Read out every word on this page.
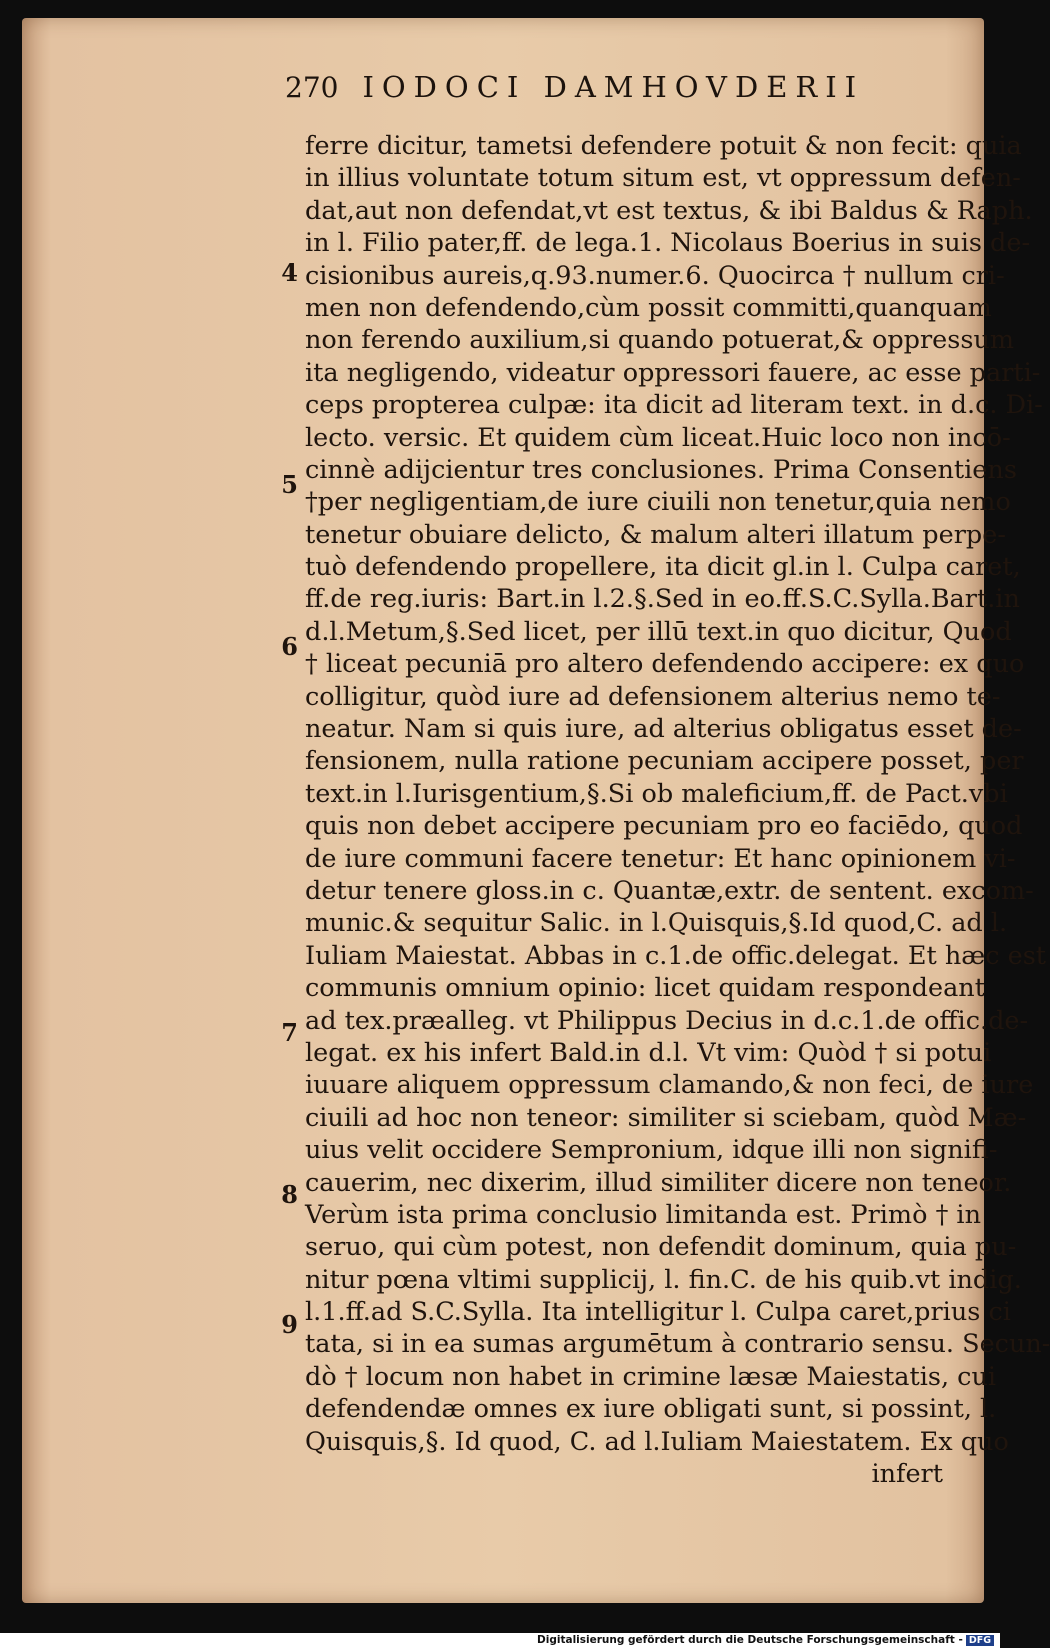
270 IODOCI DAMHOVDERII
4
5
6
7
8
9
ferre dicitur, tametsi defendere potuit & non fecit: quia
in illius voluntate totum situm est, vt oppressum defen-
dat,aut non defendat,vt est textus, & ibi Baldus & Raph.
in l. Filio pater,ff. de lega.1. Nicolaus Boerius in suis de-
cisionibus aureis,q.93.numer.6. Quocirca † nullum cri-
men non defendendo,cùm possit committi,quanquam
non ferendo auxilium,si quando potuerat,& oppressum
ita negligendo, videatur oppressori fauere, ac esse parti-
ceps propterea culpæ: ita dicit ad literam text. in d.c. Di-
lecto. versic. Et quidem cùm liceat.Huic loco non incō-
cinnè adijcientur tres conclusiones. Prima Consentiens
†per negligentiam,de iure ciuili non tenetur,quia nemo
tenetur obuiare delicto, & malum alteri illatum perpe-
tuò defendendo propellere, ita dicit gl.in l. Culpa caret,
ff.de reg.iuris: Bart.in l.2.§.Sed in eo.ff.S.C.Sylla.Bart.in
d.l.Metum,§.Sed licet, per illū text.in quo dicitur, Quod
† liceat pecuniā pro altero defendendo accipere: ex quo
colligitur, quòd iure ad defensionem alterius nemo te-
neatur. Nam si quis iure, ad alterius obligatus esset de-
fensionem, nulla ratione pecuniam accipere posset, per
text.in l.Iurisgentium,§.Si ob maleficium,ff. de Pact.vbi
quis non debet accipere pecuniam pro eo faciēdo, quod
de iure communi facere tenetur: Et hanc opinionem vi-
detur tenere gloss.in c. Quantæ,extr. de sentent. excom-
munic.& sequitur Salic. in l.Quisquis,§.Id quod,C. ad l.
Iuliam Maiestat. Abbas in c.1.de offic.delegat. Et hæc est
communis omnium opinio: licet quidam respondeant
ad tex.præalleg. vt Philippus Decius in d.c.1.de offic.de-
legat. ex his infert Bald.in d.l. Vt vim: Quòd † si potui
iuuare aliquem oppressum clamando,& non feci, de iure
ciuili ad hoc non teneor: similiter si sciebam, quòd Mæ-
uius velit occidere Sempronium, idque illi non signifi-
cauerim, nec dixerim, illud similiter dicere non teneor.
Verùm ista prima conclusio limitanda est. Primò † in
seruo, qui cùm potest, non defendit dominum, quia pu-
nitur pœna vltimi supplicij, l. fin.C. de his quib.vt indig.
l.1.ff.ad S.C.Sylla. Ita intelligitur l. Culpa caret,prius ci
tata, si in ea sumas argumētum à contrario sensu. Secun-
dò † locum non habet in crimine læsæ Maiestatis, cui
defendendæ omnes ex iure obligati sunt, si possint, l.
Quisquis,§. Id quod, C. ad l.Iuliam Maiestatem. Ex quo
infert
Digitalisierung gefördert durch die Deutsche Forschungsgemeinschaft - DFG
